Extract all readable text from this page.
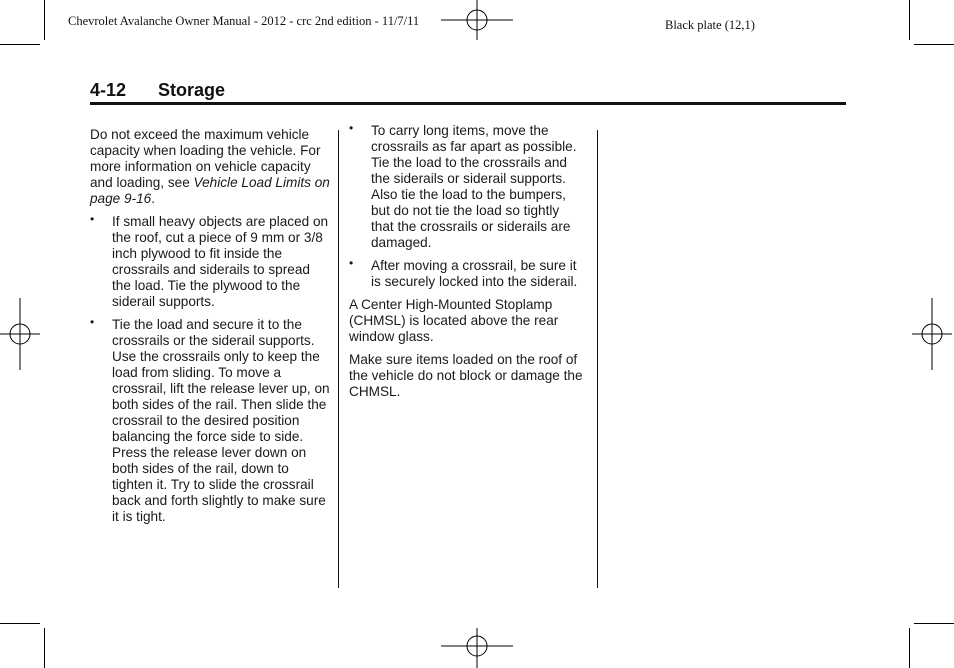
Chevrolet Avalanche Owner Manual - 2012 - crc 2nd edition - 11/7/11	Black plate (12,1)
4-12 Storage

Do not exceed the maximum vehicle capacity when loading the vehicle. For more information on vehicle capacity and loading, see Vehicle Load Limits on page 9-16.

• If small heavy objects are placed on the roof, cut a piece of 9 mm or 3/8 inch plywood to fit inside the crossrails and siderails to spread the load. Tie the plywood to the siderail supports.
• Tie the load and secure it to the crossrails or the siderail supports. Use the crossrails only to keep the load from sliding. To move a crossrail, lift the release lever up, on both sides of the rail. Then slide the crossrail to the desired position balancing the force side to side. Press the release lever down on both sides of the rail, down to tighten it. Try to slide the crossrail back and forth slightly to make sure it is tight.
• To carry long items, move the crossrails as far apart as possible. Tie the load to the crossrails and the siderails or siderail supports. Also tie the load to the bumpers, but do not tie the load so tightly that the crossrails or siderails are damaged.
• After moving a crossrail, be sure it is securely locked into the siderail.

A Center High-Mounted Stoplamp (CHMSL) is located above the rear window glass.

Make sure items loaded on the roof of the vehicle do not block or damage the CHMSL.
